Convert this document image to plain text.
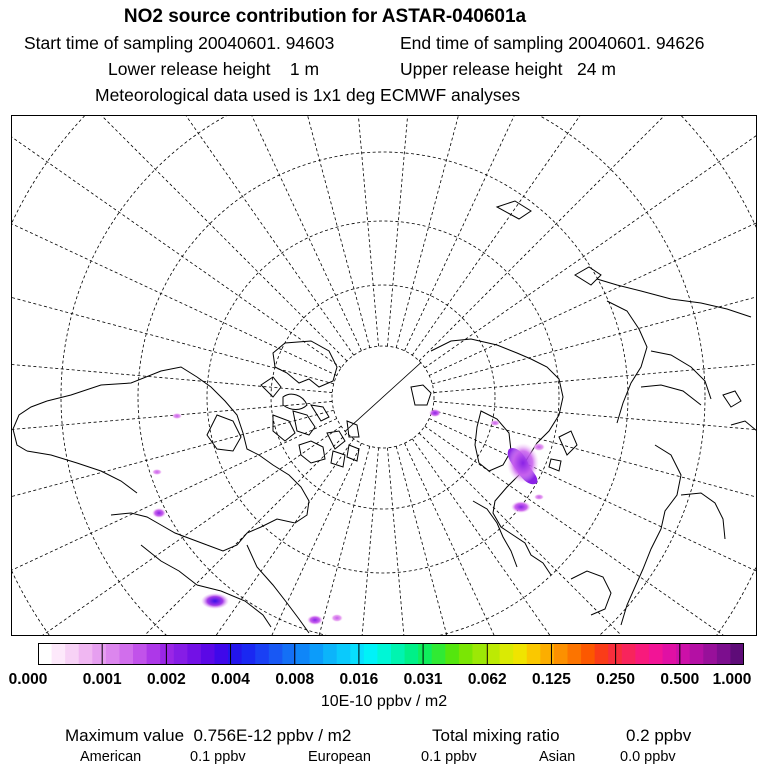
NO2 source contribution for ASTAR-040601a
Start time of sampling 20040601. 94603	End time of sampling 20040601. 94626
Lower release height    1 m	Upper release height   24 m
Meteorological data used is 1x1 deg ECMWF analyses
0.000 0.001 0.002 0.004 0.008 0.016 0.031 0.062 0.125 0.250 0.500 1.000
10E-10 ppbv / m2
Maximum value  0.756E-12 ppbv / m2	Total mixing ratio	0.2 ppbv
American	0.1 ppbv	European	0.1 ppbv	Asian	0.0 ppbv
